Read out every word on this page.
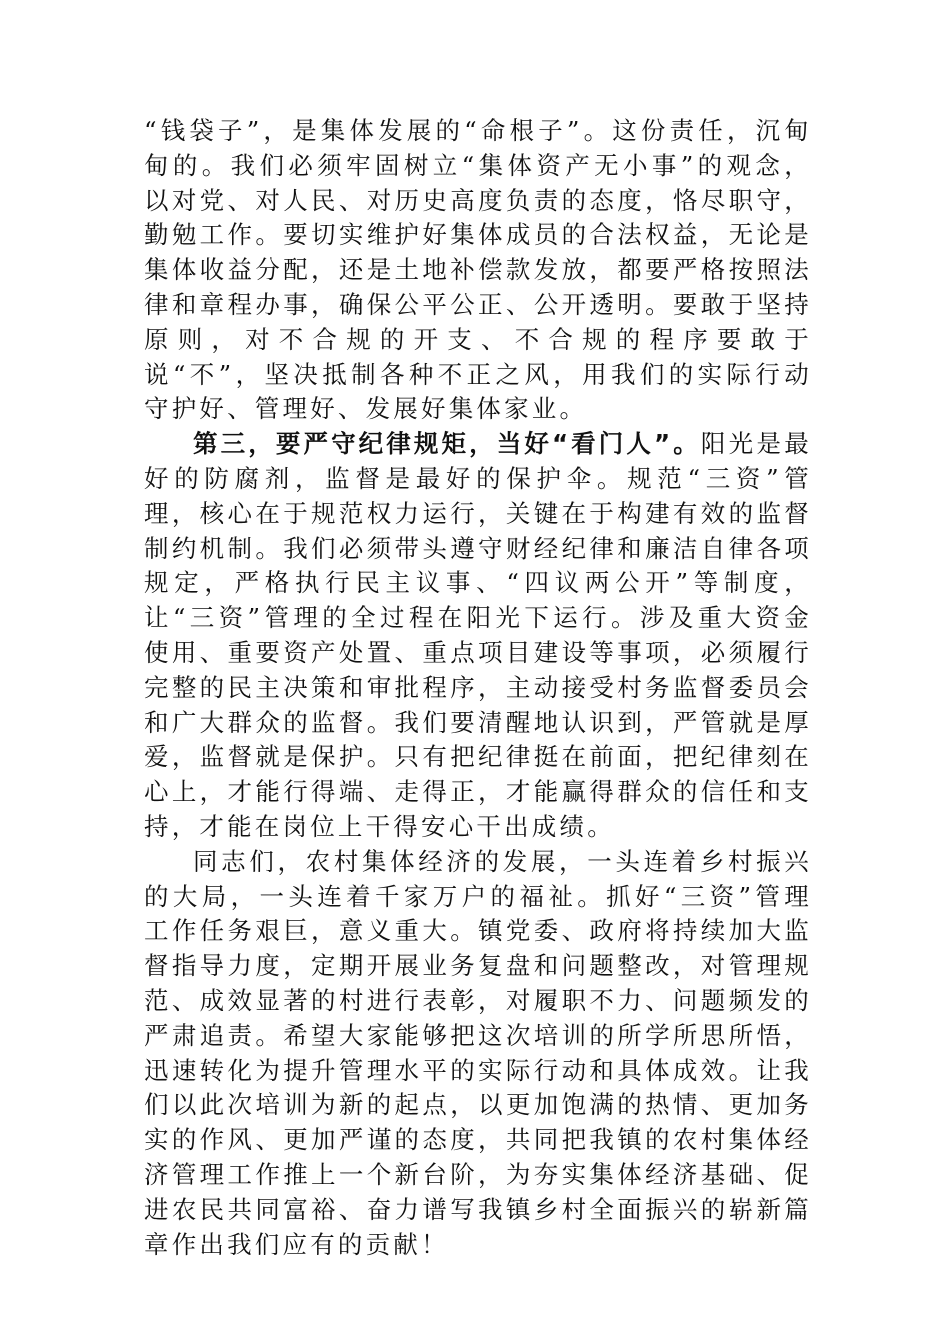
“钱袋子”，是集体发展的“命根子”。这份责任，沉甸甸的。我们必须牢固树立“集体资产无小事”的观念，以对党、对人民、对历史高度负责的态度，恪尽职守，勤勉工作。要切实维护好集体成员的合法权益，无论是集体收益分配，还是土地补偿款发放，都要严格按照法律和章程办事，确保公平公正、公开透明。要敢于坚持原则，对不合规的开支、不合规的程序要敢于说“不”，坚决抵制各种不正之风，用我们的实际行动守护好、管理好、发展好集体家业。

第三，要严守纪律规矩，当好“看门人”。阳光是最好的防腐剂，监督是最好的保护伞。规范“三资”管理，核心在于规范权力运行，关键在于构建有效的监督制约机制。我们必须带头遵守财经纪律和廉洁自律各项规定，严格执行民主议事、“四议两公开”等制度，让“三资”管理的全过程在阳光下运行。涉及重大资金使用、重要资产处置、重点项目建设等事项，必须履行完整的民主决策和审批程序，主动接受村务监督委员会和广大群众的监督。我们要清醒地认识到，严管就是厚爱，监督就是保护。只有把纪律挺在前面，把纪律刻在心上，才能行得端、走得正，才能赢得群众的信任和支持，才能在岗位上干得安心干出成绩。

同志们，农村集体经济的发展，一头连着乡村振兴的大局，一头连着千家万户的福祉。抓好“三资”管理工作任务艰巨，意义重大。镇党委、政府将持续加大监督指导力度，定期开展业务复盘和问题整改，对管理规范、成效显著的村进行表彰，对履职不力、问题频发的严肃追责。希望大家能够把这次培训的所学所思所悟，迅速转化为提升管理水平的实际行动和具体成效。让我们以此次培训为新的起点，以更加饱满的热情、更加务实的作风、更加严谨的态度，共同把我镇的农村集体经济管理工作推上一个新台阶，为夯实集体经济基础、促进农民共同富裕、奋力谱写我镇乡村全面振兴的崭新篇章作出我们应有的贡献！
